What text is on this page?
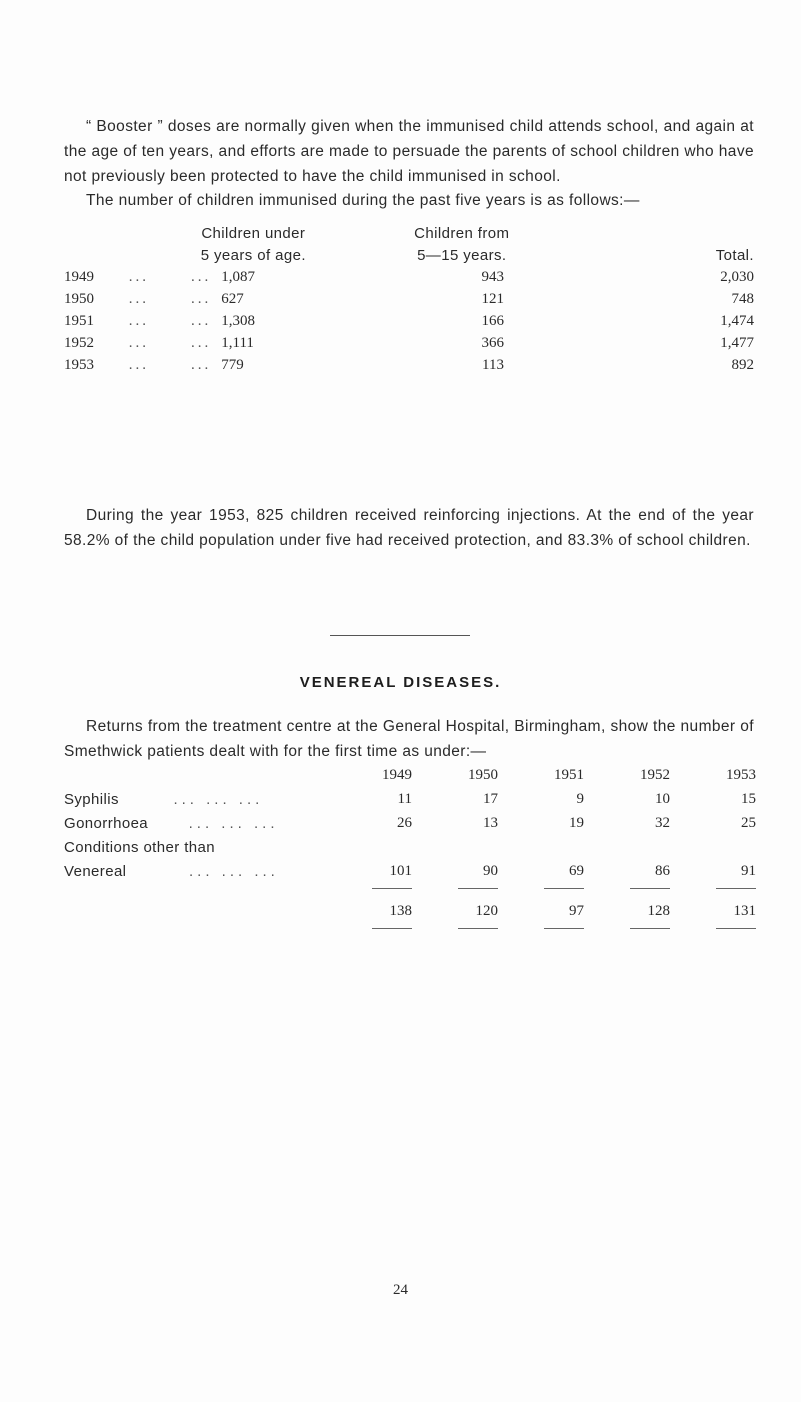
“ Booster ” doses are normally given when the immunised child attends school, and again at the age of ten years, and efforts are made to persuade the parents of school children who have not previously been protected to have the child immunised in school.

The number of children immunised during the past five years is as follows:—

	Children under	Children from	
	5 years of age.	5—15 years.	Total.
1949 ...	... 1,087	943	2,030
1950 ...	... 627	121	748
1951 ...	... 1,308	166	1,474
1952 ...	... 1,111	366	1,477
1953 ...	... 779	113	892

During the year 1953, 825 children received reinforcing injections. At the end of the year 58.2% of the child population under five had received protection, and 83.3% of school children.

VENEREAL DISEASES.

Returns from the treatment centre at the General Hospital, Birmingham, show the number of Smethwick patients dealt with for the first time as under:—

	1949	1950	1951	1952	1953
Syphilis ... ... ...	11	17	9	10	15
Gonorrhoea ... ... ...	26	13	19	32	25
Conditions other than					
Venereal ... ... ...	101	90	69	86	91

	138	120	97	128	131

24
